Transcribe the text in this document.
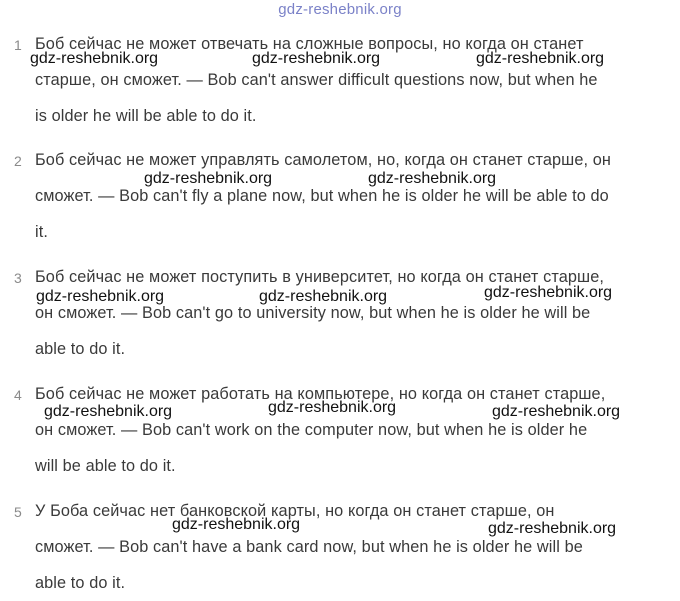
gdz-reshebnik.org
1 Боб сейчас не может отвечать на сложные вопросы, но когда он станет
старше, он сможет. — Bob can't answer difficult questions now, but when he
is older he will be able to do it.
2 Боб сейчас не может управлять самолетом, но, когда он станет старше, он
сможет. — Bob can't fly a plane now, but when he is older he will be able to do
it.
3 Боб сейчас не может поступить в университет, но когда он станет старше,
он сможет. — Bob can't go to university now, but when he is older he will be
able to do it.
4 Боб сейчас не может работать на компьютере, но когда он станет старше,
он сможет. — Bob can't work on the computer now, but when he is older he
will be able to do it.
5 У Боба сейчас нет банковской карты, но когда он станет старше, он
сможет. — Bob can't have a bank card now, but when he is older he will be
able to do it.
gdz-reshebnik.org	gdz-reshebnik.org	gdz-reshebnik.org
gdz-reshebnik.org	gdz-reshebnik.org
gdz-reshebnik.org	gdz-reshebnik.org	gdz-reshebnik.org
gdz-reshebnik.org	gdz-reshebnik.org	gdz-reshebnik.org
gdz-reshebnik.org	gdz-reshebnik.org
